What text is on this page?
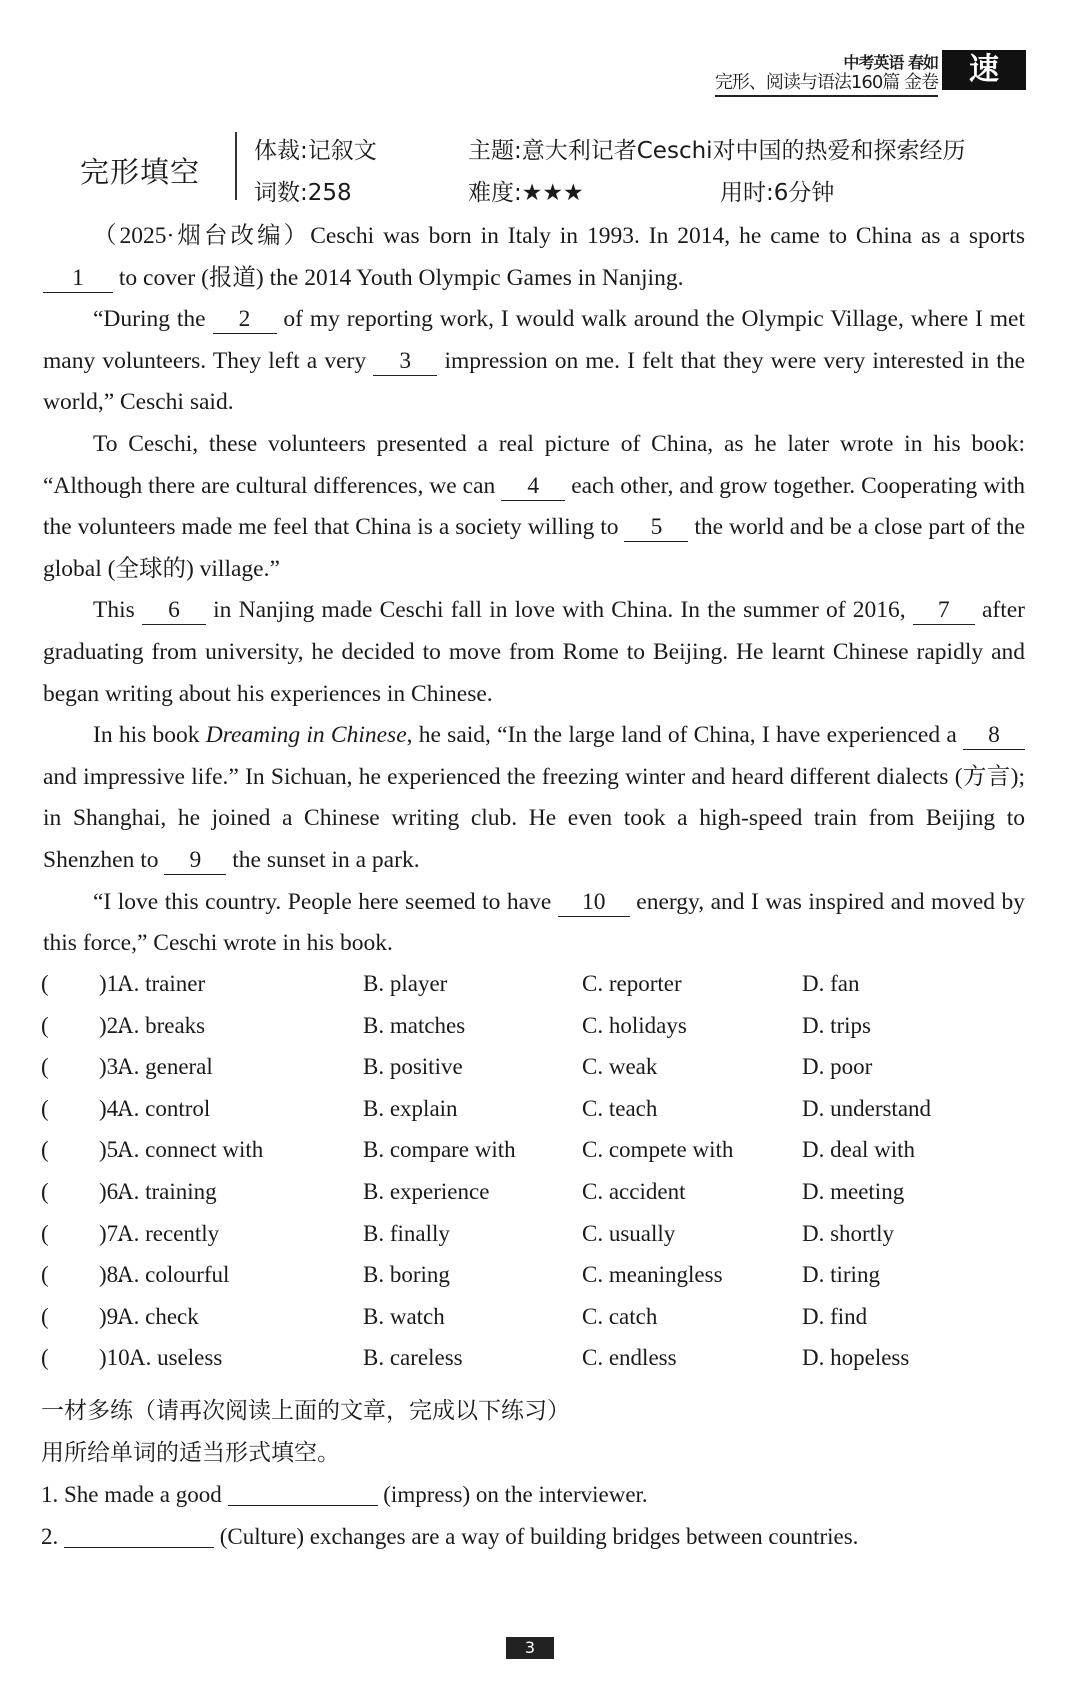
中考英语 春如
完形、阅读与语法160篇 金卷	速
完形填空
体裁:记叙文	主题:意大利记者Ceschi对中国的热爱和探索经历
词数:258	难度:★★★	用时:6分钟

（2025·烟台改编）Ceschi was born in Italy in 1993. In 2014, he came to China as a sports 1 to cover (报道) the 2014 Youth Olympic Games in Nanjing.

“During the 2 of my reporting work, I would walk around the Olympic Village, where I met many volunteers. They left a very 3 impression on me. I felt that they were very interested in the world,” Ceschi said.

To Ceschi, these volunteers presented a real picture of China, as he later wrote in his book: “Although there are cultural differences, we can 4 each other, and grow together. Cooperating with the volunteers made me feel that China is a society willing to 5 the world and be a close part of the global (全球的) village.”

This 6 in Nanjing made Ceschi fall in love with China. In the summer of 2016, 7 after graduating from university, he decided to move from Rome to Beijing. He learnt Chinese rapidly and began writing about his experiences in Chinese.

In his book Dreaming in Chinese, he said, “In the large land of China, I have experienced a 8 and impressive life.” In Sichuan, he experienced the freezing winter and heard different dialects (方言); in Shanghai, he joined a Chinese writing club. He even took a high-speed train from Beijing to Shenzhen to 9 the sunset in a park.

“I love this country. People here seemed to have 10 energy, and I was inspired and moved by this force,” Ceschi wrote in his book.

( )1.
A. trainer	B. player	C. reporter	D. fan
( )2.
A. breaks	B. matches	C. holidays	D. trips
( )3.
A. general	B. positive	C. weak	D. poor
( )4.
A. control	B. explain	C. teach	D. understand
( )5.
A. connect with	B. compare with	C. compete with	D. deal with
( )6.
A. training	B. experience	C. accident	D. meeting
( )7.
A. recently	B. finally	C. usually	D. shortly
( )8.
A. colourful	B. boring	C. meaningless	D. tiring
( )9.
A. check	B. watch	C. catch	D. find
( )10.
A. useless	B. careless	C. endless	D. hopeless
一材多练（请再次阅读上面的文章，完成以下练习）
用所给单词的适当形式填空。
1. She made a good	(impress) on the interviewer.
2.	(Culture) exchanges are a way of building bridges between countries.
3
